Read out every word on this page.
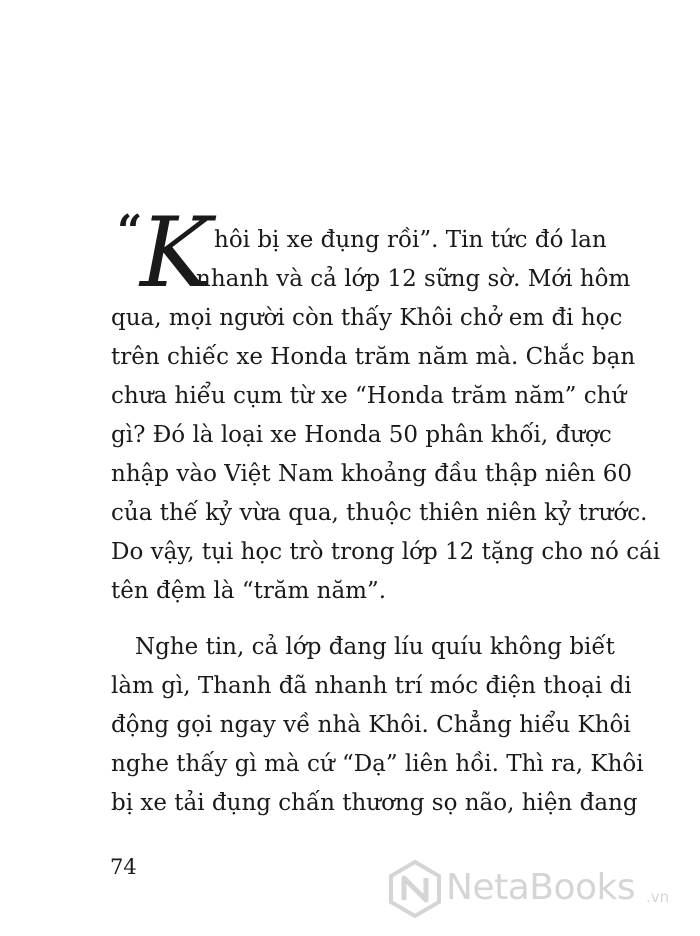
“
K hôi bị xe đụng rồi”. Tin tức đó lan
nhanh và cả lớp 12 sững sờ. Mới hôm
qua, mọi người còn thấy Khôi chở em đi học
trên chiếc xe Honda trăm năm mà. Chắc bạn
chưa hiểu cụm từ xe “Honda trăm năm” chứ
gì? Đó là loại xe Honda 50 phân khối, được
nhập vào Việt Nam khoảng đầu thập niên 60
của thế kỷ vừa qua, thuộc thiên niên kỷ trước.
Do vậy, tụi học trò trong lớp 12 tặng cho nó cái
tên đệm là “trăm năm”.
Nghe tin, cả lớp đang líu quíu không biết
làm gì, Thanh đã nhanh trí móc điện thoại di
động gọi ngay về nhà Khôi. Chẳng hiểu Khôi
nghe thấy gì mà cứ “Dạ” liên hồi. Thì ra, Khôi
bị xe tải đụng chấn thương sọ não, hiện đang
74	NetaBooks .vn
